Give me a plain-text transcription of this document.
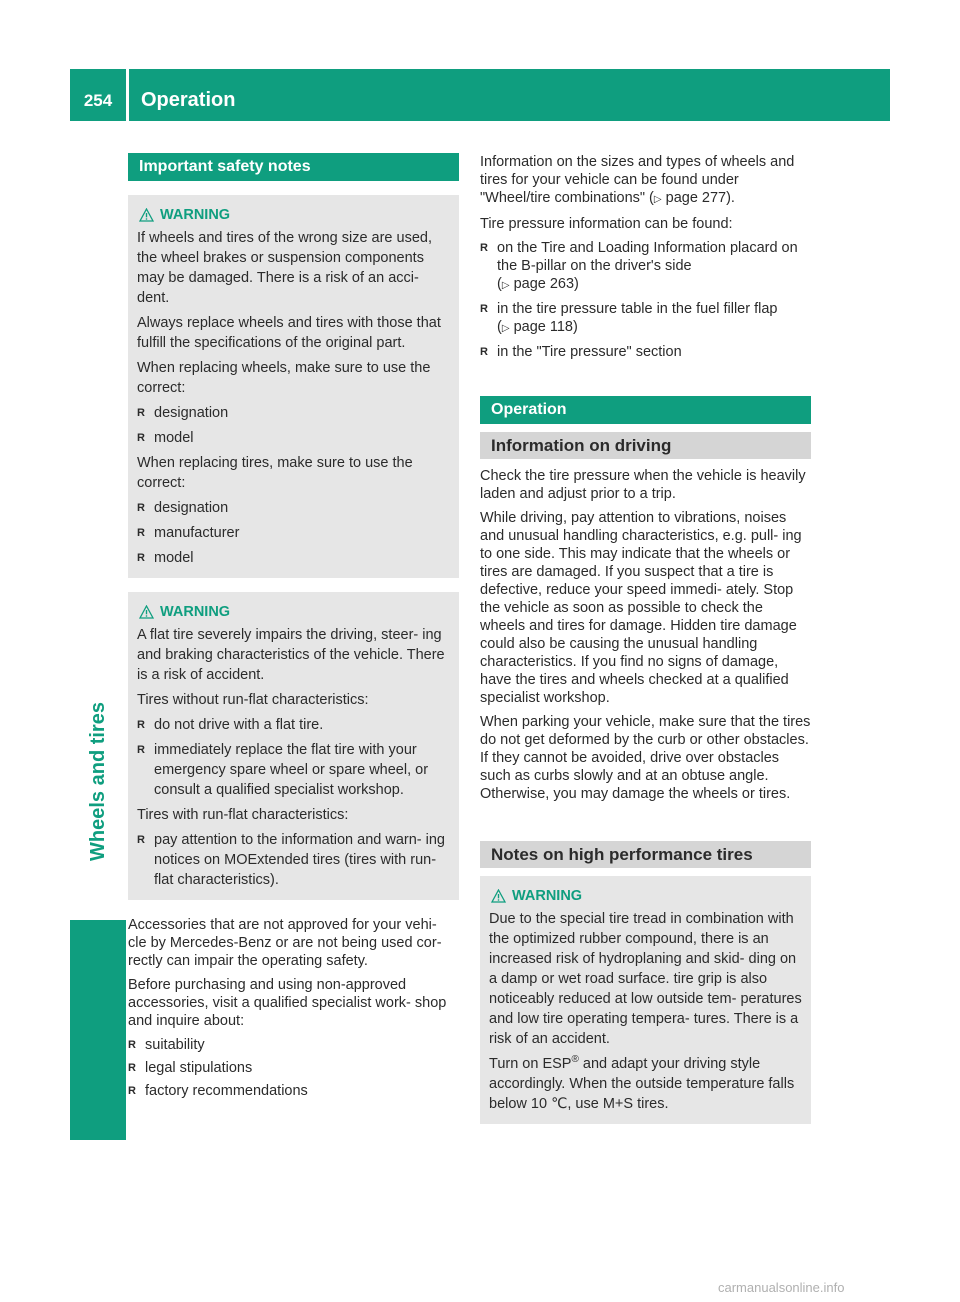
254	Operation
Wheels and tires
Important safety notes
WARNING

If wheels and tires of the wrong size are used, the wheel brakes or suspension components may be damaged. There is a risk of an acci- dent.

Always replace wheels and tires with those that fulfill the specifications of the original part.

When replacing wheels, make sure to use the correct:

R designation
R model

When replacing tires, make sure to use the correct:

R designation
R manufacturer
R model
WARNING

A flat tire severely impairs the driving, steer- ing and braking characteristics of the vehicle. There is a risk of accident.

Tires without run-flat characteristics:

R do not drive with a flat tire.
R immediately replace the flat tire with your emergency spare wheel or spare wheel, or consult a qualified specialist workshop.

Tires with run-flat characteristics:

R pay attention to the information and warn- ing notices on MOExtended tires (tires with run-flat characteristics).

Accessories that are not approved for your vehi- cle by Mercedes-Benz or are not being used cor- rectly can impair the operating safety.

Before purchasing and using non-approved accessories, visit a qualified specialist work- shop and inquire about:

R suitability
R legal stipulations
R factory recommendations

Information on the sizes and types of wheels and tires for your vehicle can be found under "Wheel/tire combinations" (▷ page 277).

Tire pressure information can be found:

R on the Tire and Loading Information placard on the B-pillar on the driver's side
(▷ page 263)
R in the tire pressure table in the fuel filler flap
(▷ page 118)
R in the "Tire pressure" section
Operation
Information on driving

Check the tire pressure when the vehicle is heavily laden and adjust prior to a trip.

While driving, pay attention to vibrations, noises and unusual handling characteristics, e.g. pull- ing to one side. This may indicate that the wheels or tires are damaged. If you suspect that a tire is defective, reduce your speed immedi- ately. Stop the vehicle as soon as possible to check the wheels and tires for damage. Hidden tire damage could also be causing the unusual handling characteristics. If you find no signs of damage, have the tires and wheels checked at a qualified specialist workshop.

When parking your vehicle, make sure that the tires do not get deformed by the curb or other obstacles. If they cannot be avoided, drive over obstacles such as curbs slowly and at an obtuse angle. Otherwise, you may damage the wheels or tires.

Notes on high performance tires
WARNING

Due to the special tire tread in combination with the optimized rubber compound, there is an increased risk of hydroplaning and skid- ding on a damp or wet road surface. tire grip is also noticeably reduced at low outside tem- peratures and low tire operating tempera- tures. There is a risk of an accident.

Turn on ESP® and adapt your driving style accordingly. When the outside temperature falls below 10 ℃, use M+S tires.

carmanualsonline.info
